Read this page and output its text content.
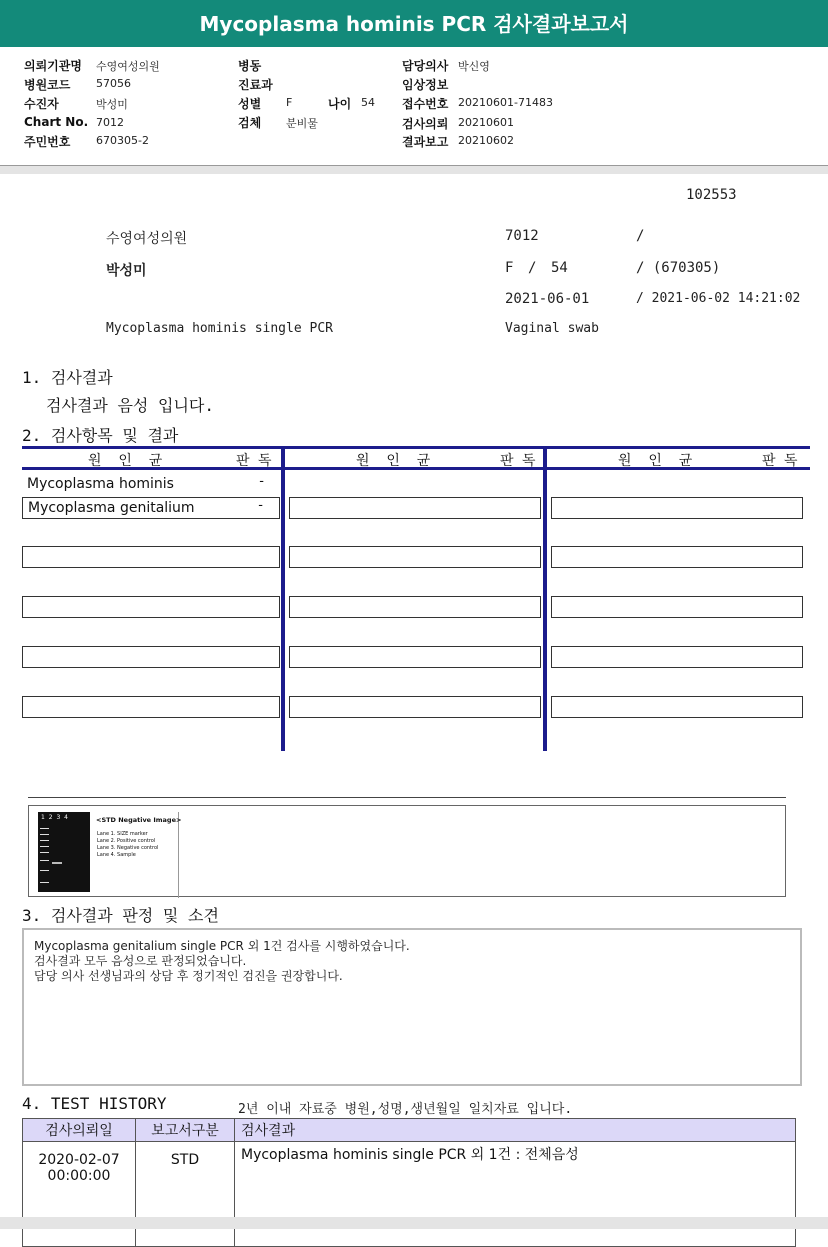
Mycoplasma hominis PCR 검사결과보고서
의뢰기관명 수영여성의원
병원코드 57056
수진자	박성미
Chart No. 7012
주민번호 670305-2
병동
진료과
성별 F	나이 54
검체 분비물
담당의사 박신영
임상정보
접수번호 20210601-71483
검사의뢰 20210601
결과보고 20210602
102553
수영여성의원	7012	/
박성미	F / 54	/ (670305)
2021-06-01	/ 2021-06-02 14:21:02
Mycoplasma hominis single PCR	Vaginal swab
1. 검사결과
검사결과 음성 입니다.
2. 검사항목 및 결과
원  인  균	판 독	원  인  균	판 독	원  인  균	판 독
Mycoplasma hominis	-
Mycoplasma genitalium	-
1 2 3 4	<STD Negative Image>
Lane 1. SIZE marker
Lane 2. Positive control
Lane 3. Negative control
Lane 4. Sample
3. 검사결과 판정 및 소견
Mycoplasma genitalium single PCR 외 1건 검사를 시행하였습니다.
검사결과 모두 음성으로 판정되었습니다.
담당 의사 선생님과의 상담 후 정기적인 검진을 권장합니다.
4. TEST HISTORY	2년 이내 자료중 병원,성명,생년월일 일치자료 입니다.
검사의뢰일	보고서구분	검사결과

2020-02-07
00:00:00	STD	Mycoplasma hominis single PCR 외 1건 : 전체음성
